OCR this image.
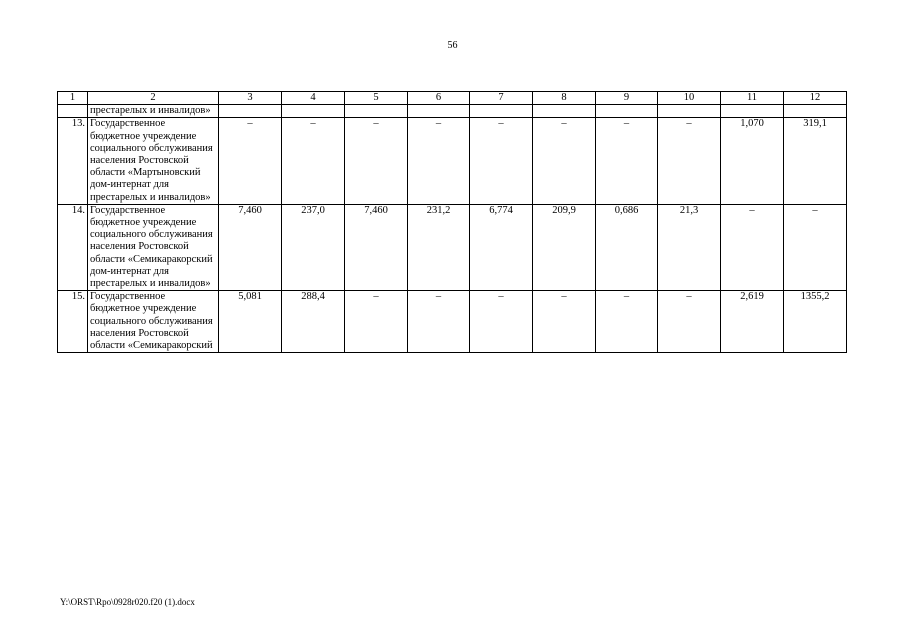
56
1	2	3	4	5	6	7	8	9	10	11	12
	престарелых и инвалидов»										
13.	Государственное бюджетное учреждение социального обслуживания населения Ростовской области «Мартыновский дом-интернат для престарелых и инвалидов»	–	–	–	–	–	–	–	–	1,070	319,1
14.	Государственное бюджетное учреждение социального обслуживания населения Ростовской области «Семикаракорский дом-интернат для престарелых и инвалидов»	7,460	237,0	7,460	231,2	6,774	209,9	0,686	21,3	–	–
15.	Государственное бюджетное учреждение социального обслуживания населения Ростовской области «Семикаракорский	5,081	288,4	–	–	–	–	–	–	2,619	1355,2
Y:\ORST\Rpo\0928r020.f20 (1).docx
